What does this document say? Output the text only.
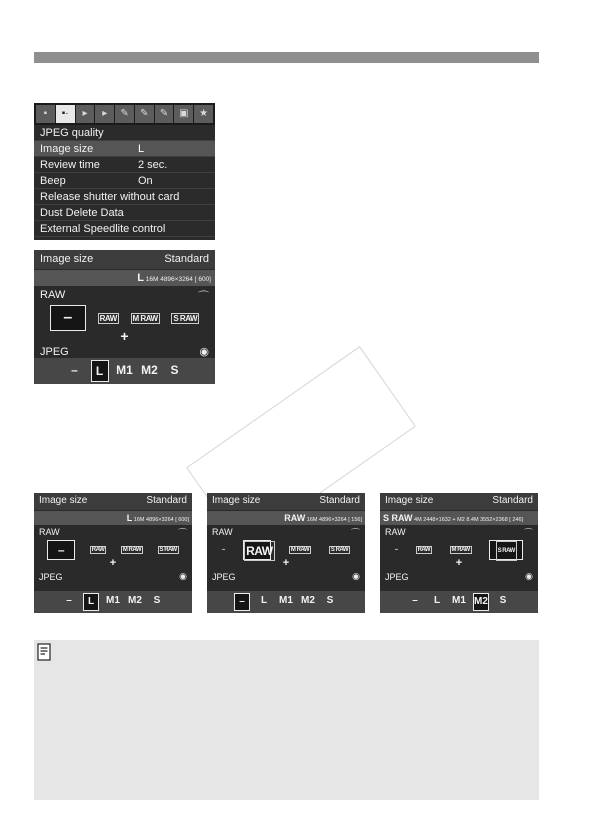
▪	▪·	▸	▸	✎	✎	✎	▣	★
JPEG quality
Image size	L
Review time	2 sec.
Beep	On
Release shutter without card
Dust Delete Data
External Speedlite control
Image size	Standard
L 16M 4896×3264 [ 600]
RAW	⌒
–	RAW M RAW S RAW
+
JPEG	◉
–	L	M1 M2	S
Image size	Standard
L 16M 4896×3264 [ 600]
RAW	⌒
–	RAW	M RAW	S RAW
+
JPEG	◉
–	L	M1 M2	S
Image size	Standard
RAW 16M 4896×3264 [ 156]
RAW	⌒
– RAW	M RAW	S RAW
+
JPEG	◉
–	L	M1 M2	S
Image size	Standard
S RAW 4M 2448×1632 + M2 8.4M 3552×2368 [ 246]
RAW	⌒
–	RAW	M RAW	S RAW
+
JPEG	◉
–	L	M1 M2	S
